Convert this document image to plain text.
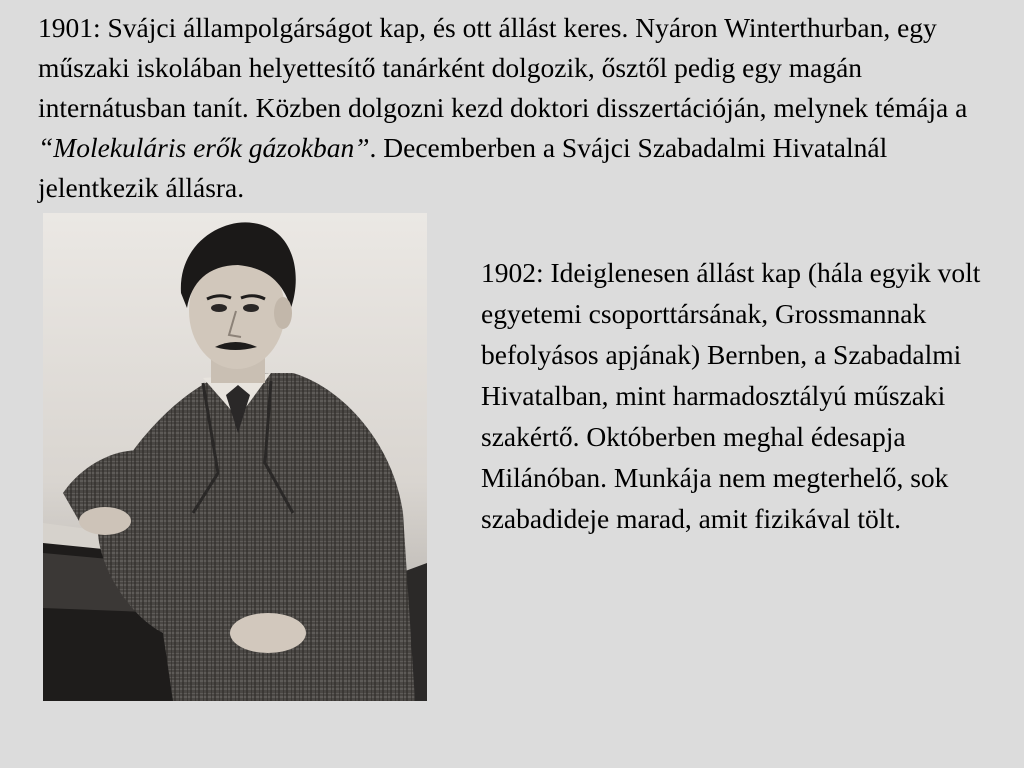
1901: Svájci állampolgárságot kap, és ott állást keres. Nyáron Winterthurban, egy műszaki iskolában helyettesítő tanárként dolgozik, ősztől pedig egy magán internátusban tanít. Közben dolgozni kezd doktori disszertációján, melynek témája a “Molekuláris erők gázokban”. Decemberben a Svájci Szabadalmi Hivatalnál jelentkezik állásra.

1902: Ideiglenesen állást kap (hála egyik volt egyetemi csoporttársának, Grossmannak befolyásos apjának) Bernben, a Szabadalmi Hivatalban, mint harmadosztályú műszaki szakértő. Októberben meghal édesapja Milánóban. Munkája nem megterhelő, sok szabadideje marad, amit fizikával tölt.
